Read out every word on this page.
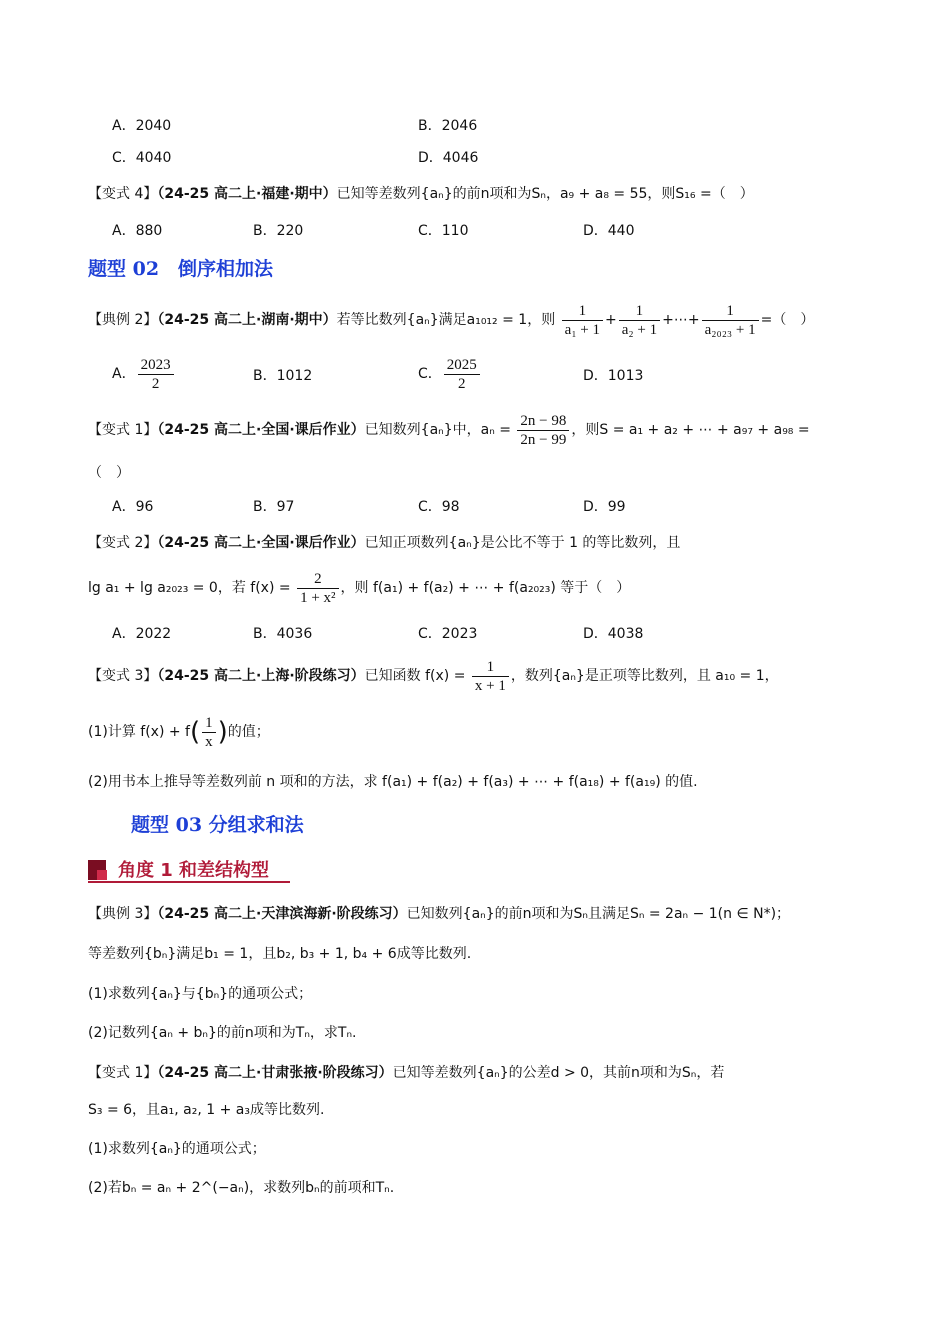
A．2040	B．2046
C．4040	D．4046
【变式 4】（24-25 高二上·福建·期中）已知等差数列{aₙ}的前n项和为Sₙ，a₉ + a₈ = 55，则S₁₆ =（　）
A．880	B．220	C．110	D．440
题型 02　倒序相加法
【典例 2】（24-25 高二上·湖南·期中）若等比数列{aₙ}满足a₁₀₁₂ = 1，则 $\frac{1}{\text{a₁ + 1}} + \frac{1}{\text{a₂ + 1}}$ +⋯+ $\frac{1}{\text{a₂₀₂₃ + 1}}$ =（　）
A． $\frac{2023}{2}$	B．1012	C． $\frac{2025}{2}$	D．1013
【变式 1】（24-25 高二上·全国·课后作业）已知数列{aₙ}中，$a_n = \frac{2n - 98}{2n - 99}$ ，则S = a₁ + a₂ + ⋯ + a₉₇ + a₉₈ =
（　）
A．96	B．97	C．98	D．99
【变式 2】（24-25 高二上·全国·课后作业）已知正项数列{aₙ}是公比不等于 1 的等比数列，且
lg a₁ + lg a₂₀₂₃ = 0，若 $f(x) = \frac{2}{\text{1 + x²}}$ ，则 f(a₁) + f(a₂) + ⋯ + f(a₂₀₂₃) 等于（　）
A．2022	B．4036	C．2023	D．4038
【变式 3】（24-25 高二上·上海·阶段练习）已知函数 $f(x) = \frac{1}{x + 1}$ ，数列{aₙ}是正项等比数列，且 a₁₀ = 1，
(1)计算 $f(x) + f( \frac{1}{x}$ )的值；
(2)用书本上推导等差数列前 n 项和的方法，求 f(a₁) + f(a₂) + f(a₃) + ⋯ + f(a₁₈) + f(a₁₉) 的值.
题型 03 分组求和法
角度 1 和差结构型
【典例 3】（24-25 高二上·天津滨海新·阶段练习）已知数列{aₙ}的前n项和为Sₙ且满足Sₙ = 2aₙ − 1(n ∈ N*)；
等差数列{bₙ}满足b₁ = 1，且b₂, b₃ + 1, b₄ + 6成等比数列.
(1)求数列{aₙ}与{bₙ}的通项公式；
(2)记数列{aₙ + bₙ}的前n项和为Tₙ，求Tₙ.
【变式 1】（24-25 高二上·甘肃张掖·阶段练习）已知等差数列{aₙ}的公差d > 0，其前n项和为Sₙ，若
S₃ = 6，且a₁, a₂, 1 + a₃成等比数列.
(1)求数列{aₙ}的通项公式；
(2)若bₙ = aₙ + 2^(−aₙ)，求数列bₙ的前项和Tₙ.
